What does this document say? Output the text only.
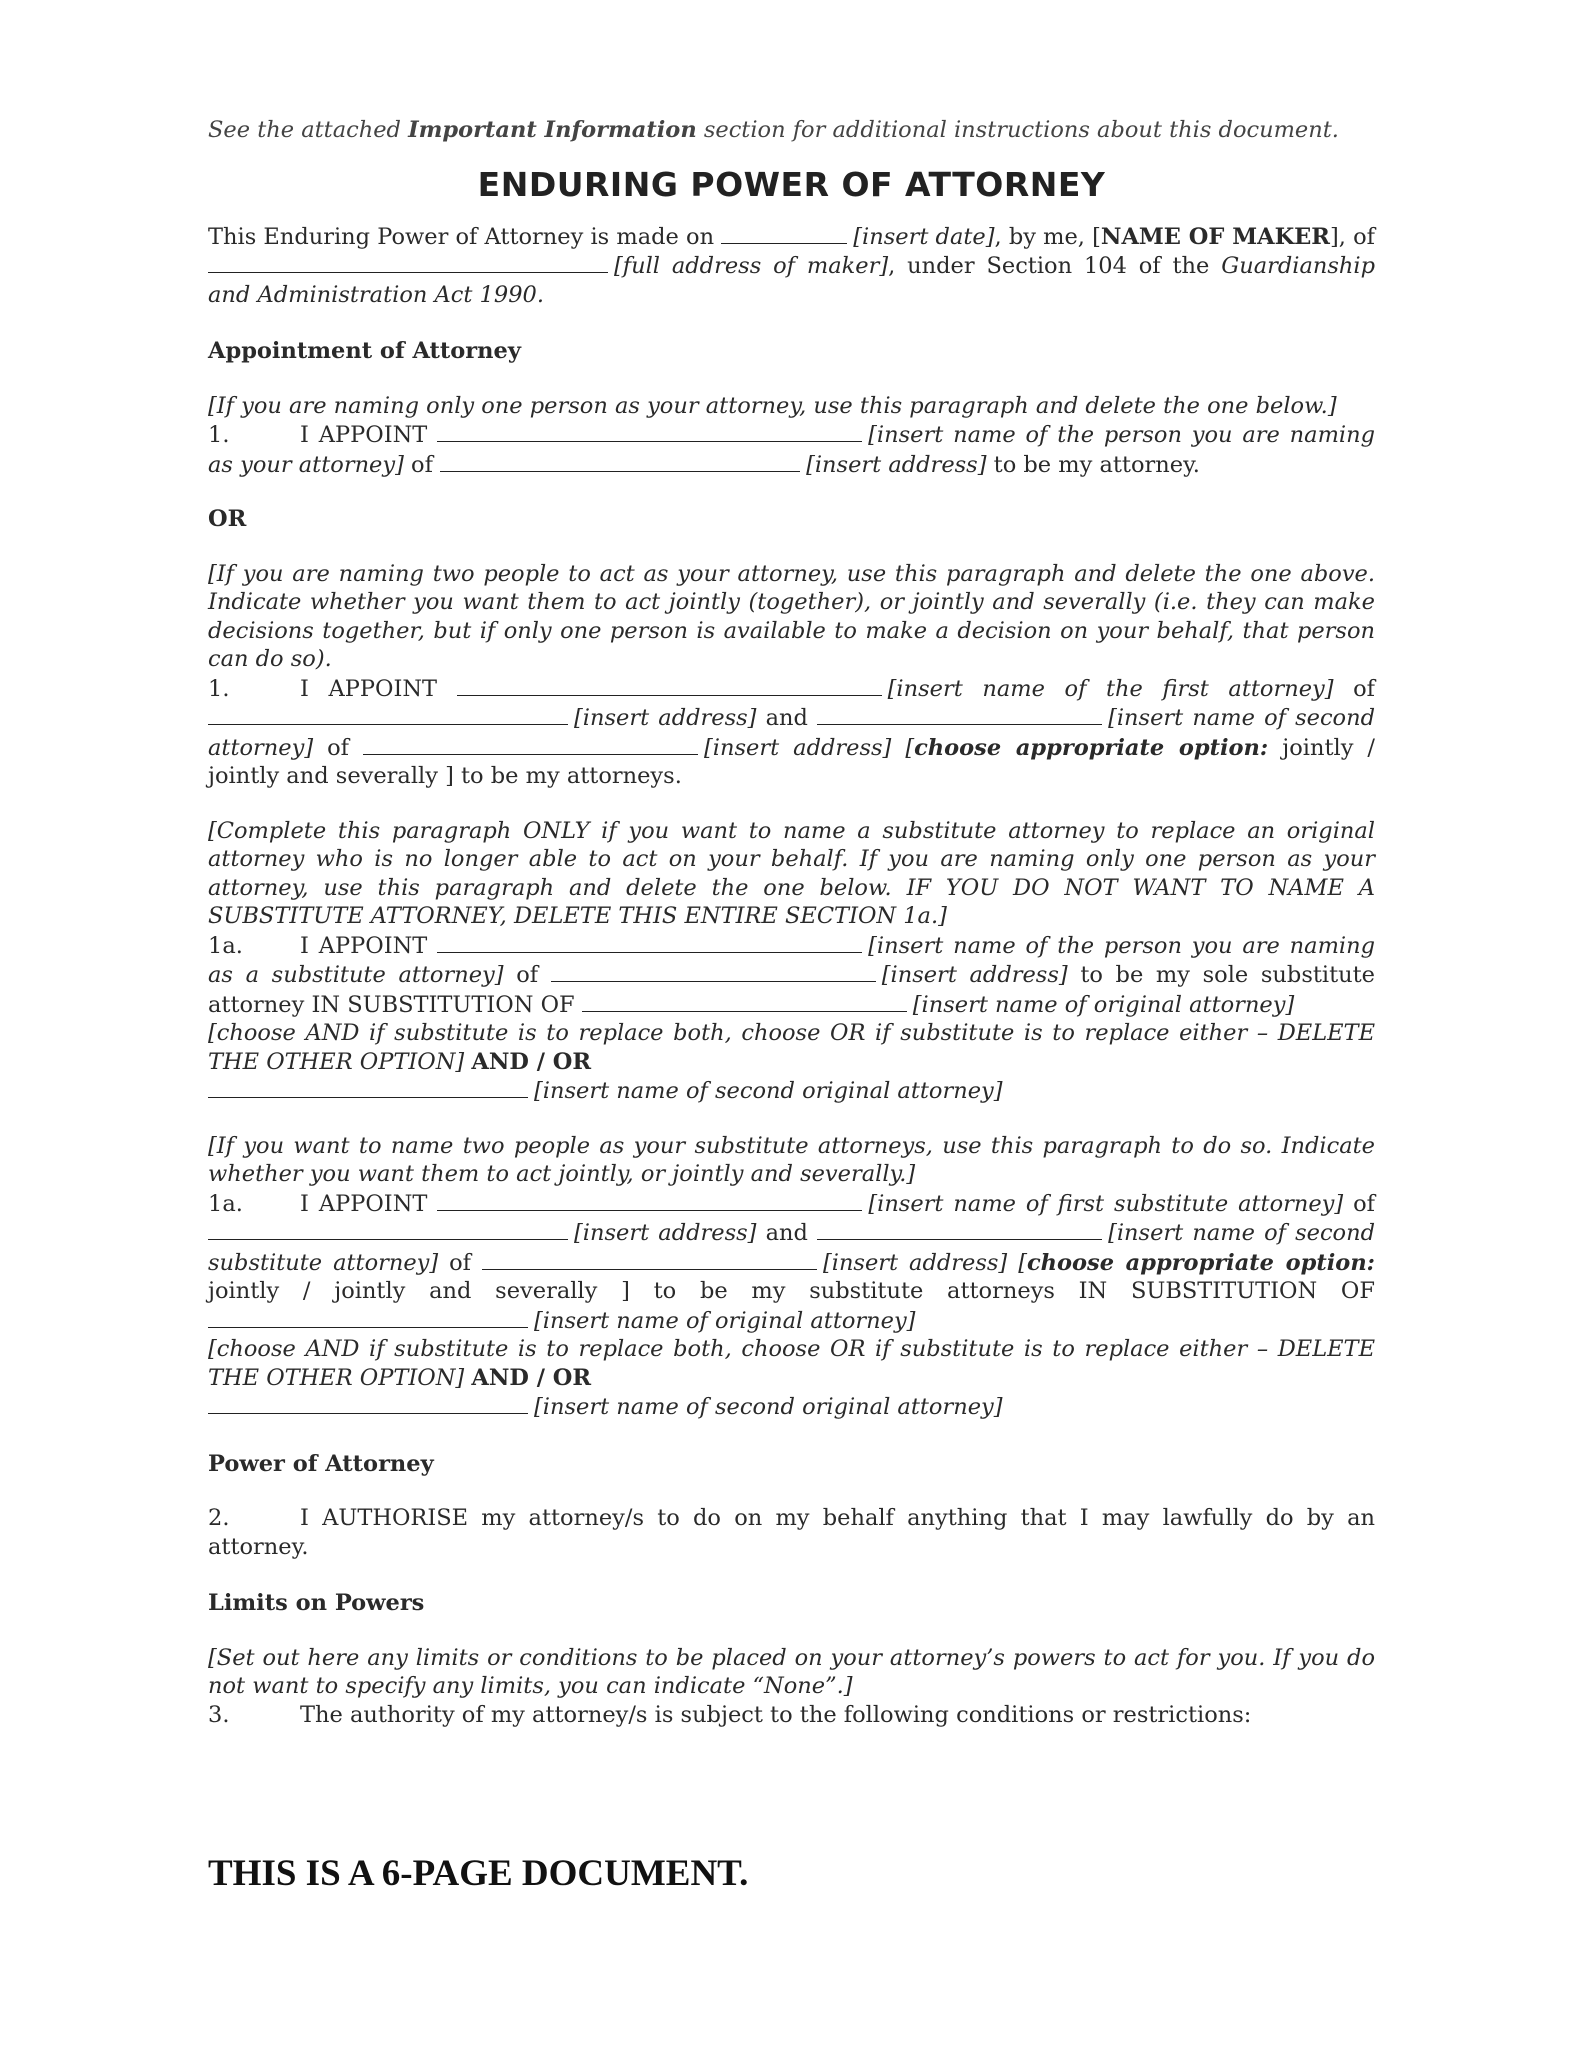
See the attached Important Information section for additional instructions about this document.

ENDURING POWER OF ATTORNEY

This Enduring Power of Attorney is made on	[insert date], by me, [NAME OF MAKER], of [full address of maker], under Section 104 of the Guardianship and Administration Act 1990.

Appointment of Attorney

[If you are naming only one person as your attorney, use this paragraph and delete the one below.]

1.	I APPOINT	[insert name of the person you are naming as your attorney] of	[insert address] to be my attorney.

OR

[If you are naming two people to act as your attorney, use this paragraph and delete the one above. Indicate whether you want them to act jointly (together), or jointly and severally (i.e. they can make decisions together, but if only one person is available to make a decision on your behalf, that person can do so).

1.	I APPOINT	[insert name of the first attorney] of [insert address] and	[insert name of second attorney] of	[insert address] [choose appropriate option: jointly / jointly and severally ] to be my attorneys.

[Complete this paragraph ONLY if you want to name a substitute attorney to replace an original attorney who is no longer able to act on your behalf. If you are naming only one person as your attorney, use this paragraph and delete the one below. IF YOU DO NOT WANT TO NAME A SUBSTITUTE ATTORNEY, DELETE THIS ENTIRE SECTION 1a.]

1a.	I APPOINT	[insert name of the person you are naming as a substitute attorney] of	[insert address] to be my sole substitute attorney IN SUBSTITUTION OF	[insert name of original attorney]

[choose AND if substitute is to replace both, choose OR if substitute is to replace either – DELETE THE OTHER OPTION] AND / OR

[insert name of second original attorney]

[If you want to name two people as your substitute attorneys, use this paragraph to do so. Indicate whether you want them to act jointly, or jointly and severally.]

1a.	I APPOINT	[insert name of first substitute attorney] of [insert address] and	[insert name of second substitute attorney] of	[insert address] [choose appropriate option: jointly / jointly and severally ] to be my substitute attorneys IN SUBSTITUTION OF [insert name of original attorney]

[choose AND if substitute is to replace both, choose OR if substitute is to replace either – DELETE THE OTHER OPTION] AND / OR

[insert name of second original attorney]

Power of Attorney

2.	I AUTHORISE my attorney/s to do on my behalf anything that I may lawfully do by an attorney.

Limits on Powers

[Set out here any limits or conditions to be placed on your attorney’s powers to act for you. If you do not want to specify any limits, you can indicate “None”.]

3.	The authority of my attorney/s is subject to the following conditions or restrictions:

THIS IS A 6-PAGE DOCUMENT.
